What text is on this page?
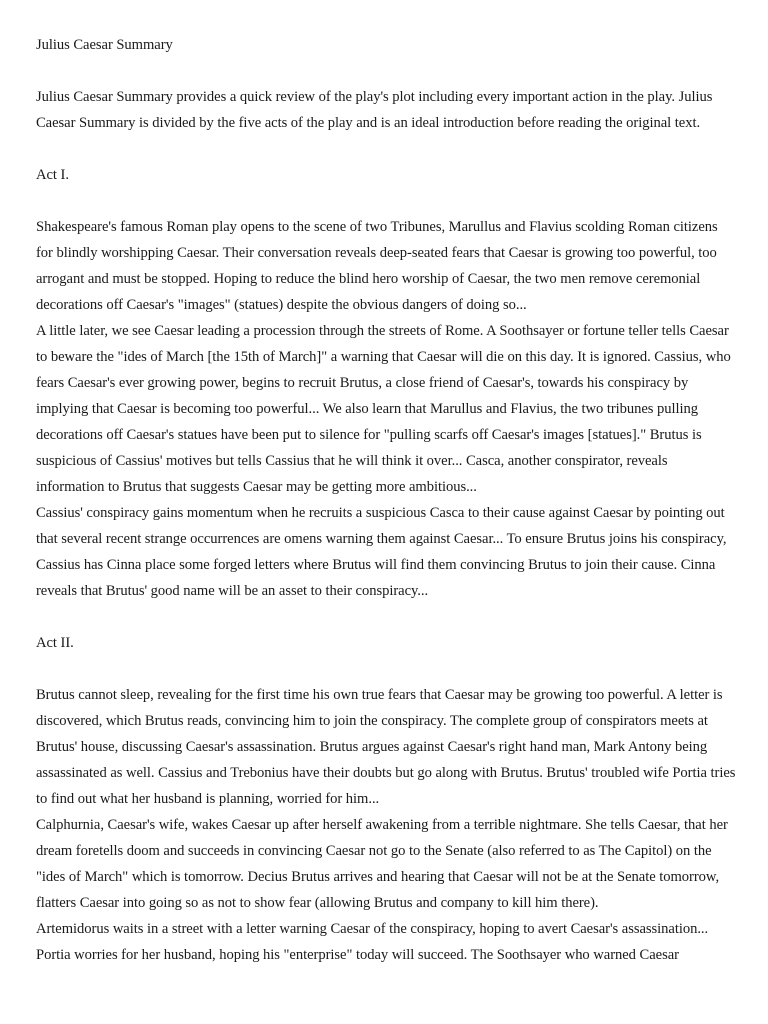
Julius Caesar Summary

Julius Caesar Summary provides a quick review of the play's plot including every important action in the play. Julius Caesar Summary is divided by the five acts of the play and is an ideal introduction before reading the original text.

Act I.

Shakespeare's famous Roman play opens to the scene of two Tribunes, Marullus and Flavius scolding Roman citizens for blindly worshipping Caesar. Their conversation reveals deep-seated fears that Caesar is growing too powerful, too arrogant and must be stopped. Hoping to reduce the blind hero worship of Caesar, the two men remove ceremonial decorations off Caesar's "images" (statues) despite the obvious dangers of doing so...

A little later, we see Caesar leading a procession through the streets of Rome. A Soothsayer or fortune teller tells Caesar to beware the "ides of March [the 15th of March]" a warning that Caesar will die on this day. It is ignored. Cassius, who fears Caesar's ever growing power, begins to recruit Brutus, a close friend of Caesar's, towards his conspiracy by implying that Caesar is becoming too powerful... We also learn that Marullus and Flavius, the two tribunes pulling decorations off Caesar's statues have been put to silence for "pulling scarfs off Caesar's images [statues]." Brutus is suspicious of Cassius' motives but tells Cassius that he will think it over... Casca, another conspirator, reveals information to Brutus that suggests Caesar may be getting more ambitious...

Cassius' conspiracy gains momentum when he recruits a suspicious Casca to their cause against Caesar by pointing out that several recent strange occurrences are omens warning them against Caesar... To ensure Brutus joins his conspiracy, Cassius has Cinna place some forged letters where Brutus will find them convincing Brutus to join their cause. Cinna reveals that Brutus' good name will be an asset to their conspiracy...

Act II.

Brutus cannot sleep, revealing for the first time his own true fears that Caesar may be growing too powerful. A letter is discovered, which Brutus reads, convincing him to join the conspiracy. The complete group of conspirators meets at Brutus' house, discussing Caesar's assassination. Brutus argues against Caesar's right hand man, Mark Antony being assassinated as well. Cassius and Trebonius have their doubts but go along with Brutus. Brutus' troubled wife Portia tries to find out what her husband is planning, worried for him...

Calphurnia, Caesar's wife, wakes Caesar up after herself awakening from a terrible nightmare. She tells Caesar, that her dream foretells doom and succeeds in convincing Caesar not go to the Senate (also referred to as The Capitol) on the "ides of March" which is tomorrow. Decius Brutus arrives and hearing that Caesar will not be at the Senate tomorrow, flatters Caesar into going so as not to show fear (allowing Brutus and company to kill him there).

Artemidorus waits in a street with a letter warning Caesar of the conspiracy, hoping to avert Caesar's assassination...

Portia worries for her husband, hoping his "enterprise" today will succeed. The Soothsayer who warned Caesar
